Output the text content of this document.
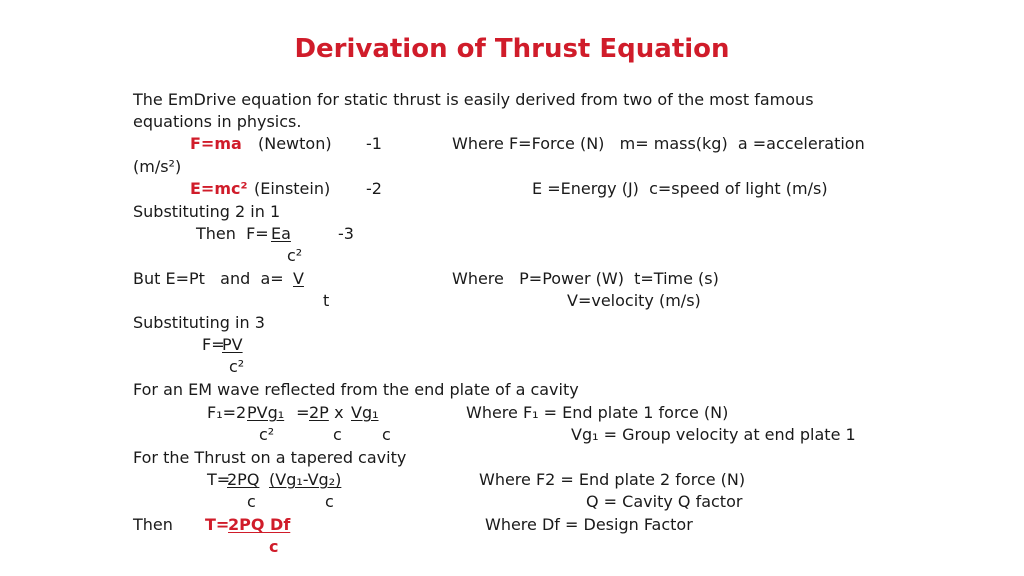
Derivation of Thrust Equation
The EmDrive equation for static thrust is easily derived from two of the most famous
equations in physics.
F=ma (Newton) -1	Where F=Force (N)   m= mass(kg)  a =acceleration
(m/s²)
E=mc² (Einstein) -2	E =Energy (J)  c=speed of light (m/s)
Substituting 2 in 1
Then  F= Ea	-3
c²
But E=Pt   and  a= V
t
Where   P=Power (W)  t=Time (s)
V=velocity (m/s)
Substituting in 3
F=
PV
c²
For an EM wave reflected from the end plate of a cavity
F₁=2 PVg₁ =
2P x Vg₁
c²	c	c
Where F₁ = End plate 1 force (N)
Vg₁ = Group velocity at end plate 1
For the Thrust on a tapered cavity
T=
2PQ (Vg₁-Vg₂)
c	c
Where F2 = End plate 2 force (N)
Q = Cavity Q factor
Then T=
2PQ Df
c
Where Df = Design Factor
